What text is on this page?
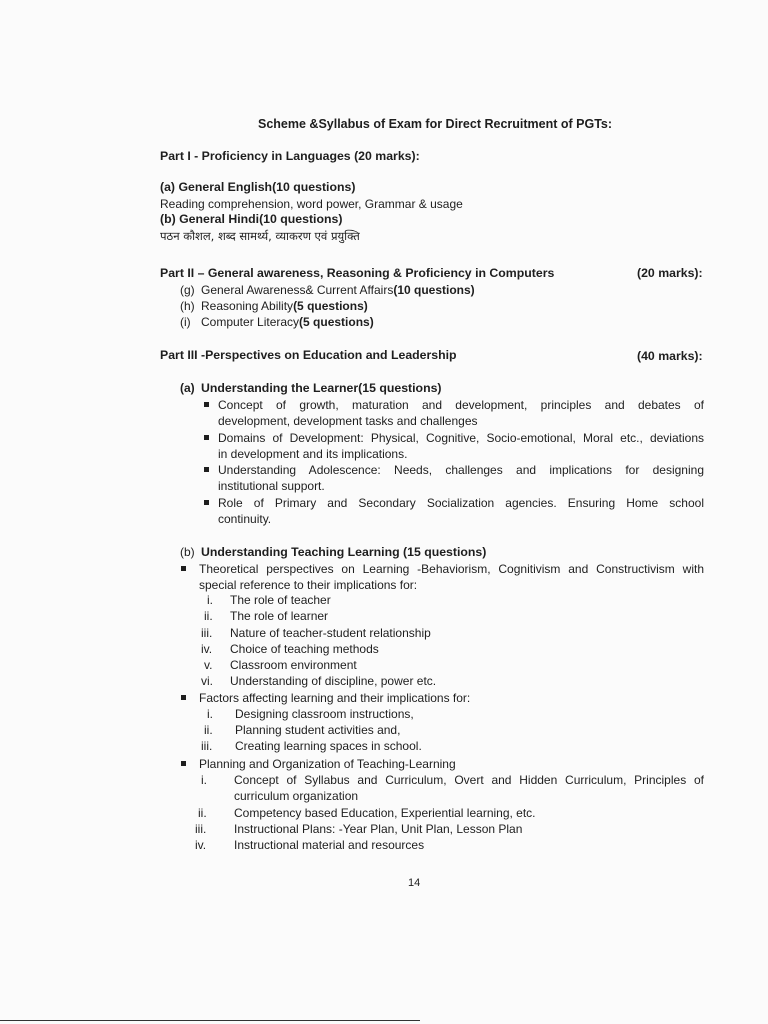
Scheme &Syllabus of Exam for Direct Recruitment of PGTs:
Part I - Proficiency in Languages (20 marks):
(a) General English(10 questions)
Reading comprehension, word power, Grammar & usage
(b) General Hindi(10 questions)
पठन कौशल, शब्द सामर्थ्य, व्याकरण एवं प्रयुक्ति
Part II – General awareness, Reasoning & Proficiency in Computers	(20 marks):
(g) General Awareness& Current Affairs(10 questions)
(h) Reasoning Ability(5 questions)
(i) Computer Literacy(5 questions)
Part III -Perspectives on Education and Leadership	(40 marks):
(a) Understanding the Learner(15 questions)
Concept of growth, maturation and development, principles and debates of
development, development tasks and challenges
Domains of Development: Physical, Cognitive, Socio-emotional, Moral etc., deviations
in development and its implications.
Understanding Adolescence: Needs, challenges and implications for designing
institutional support.
Role of Primary and Secondary Socialization agencies. Ensuring Home school
continuity.
(b) Understanding Teaching Learning (15 questions)
Theoretical perspectives on Learning -Behaviorism, Cognitivism and Constructivism with
special reference to their implications for:
i. The role of teacher
ii. The role of learner
iii. Nature of teacher-student relationship
iv. Choice of teaching methods
v. Classroom environment
vi. Understanding of discipline, power etc.
Factors affecting learning and their implications for:
i. Designing classroom instructions,
ii. Planning student activities and,
iii. Creating learning spaces in school.
Planning and Organization of Teaching-Learning
i. Concept of Syllabus and Curriculum, Overt and Hidden Curriculum, Principles of
curriculum organization
ii. Competency based Education, Experiential learning, etc.
iii. Instructional Plans: -Year Plan, Unit Plan, Lesson Plan
iv. Instructional material and resources
14
